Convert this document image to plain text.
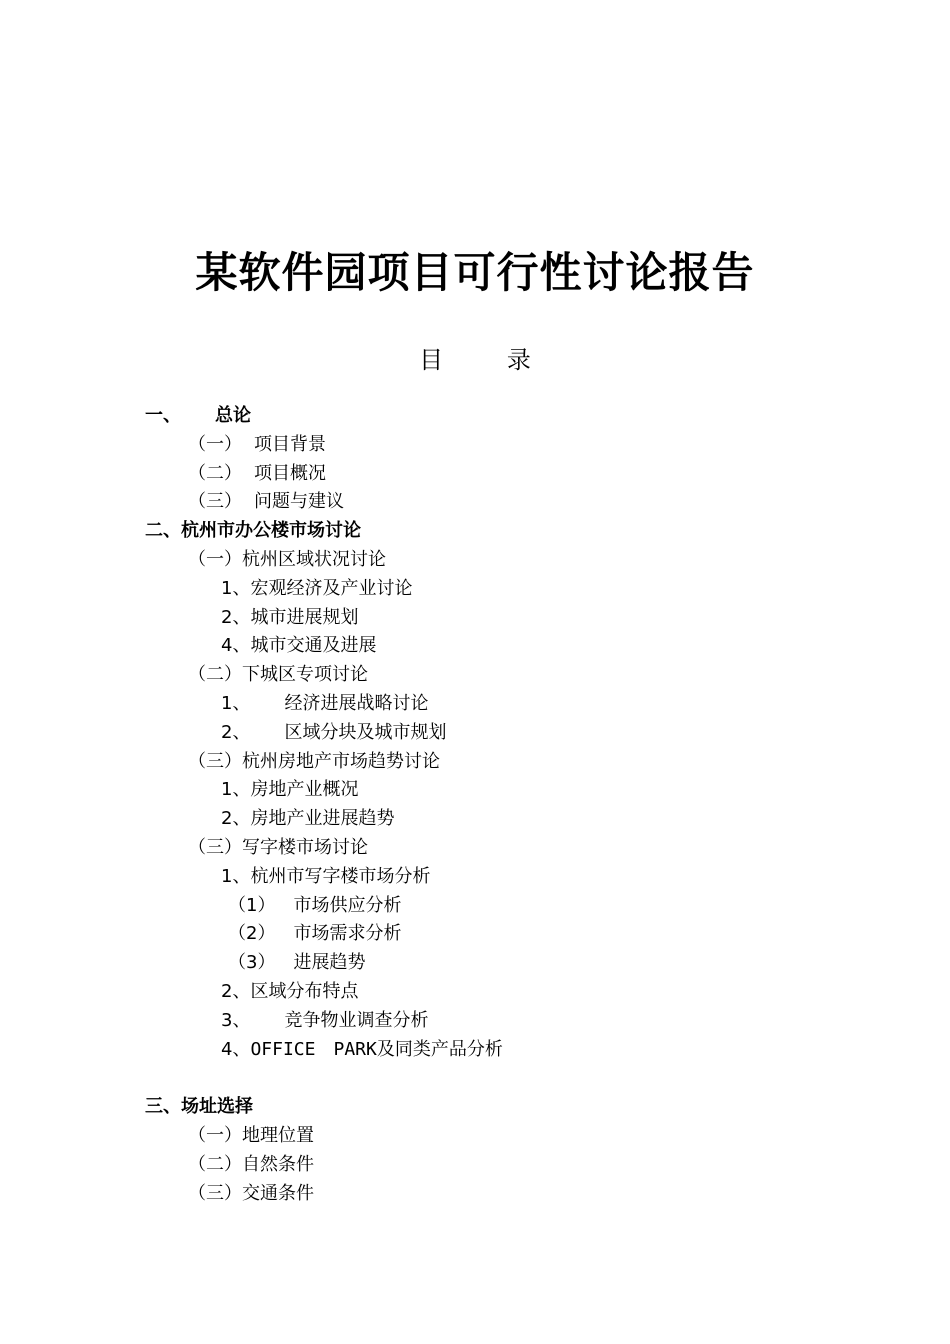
某软件园项目可行性讨论报告
目	录
一、 总论
（一） 项目背景
（二） 项目概况
（三） 问题与建议
二、杭州市办公楼市场讨论
（一）杭州区域状况讨论
1、宏观经济及产业讨论
2、城市进展规划
4、城市交通及进展
（二）下城区专项讨论
1、 经济进展战略讨论
2、 区域分块及城市规划
（三）杭州房地产市场趋势讨论
1、房地产业概况
2、房地产业进展趋势
（三）写字楼市场讨论
1、杭州市写字楼市场分析
（1） 市场供应分析
（2） 市场需求分析
（3） 进展趋势
2、区域分布特点
3、 竞争物业调查分析
4、OFFICE PARK及同类产品分析
三、场址选择
（一）地理位置
（二）自然条件
（三）交通条件
